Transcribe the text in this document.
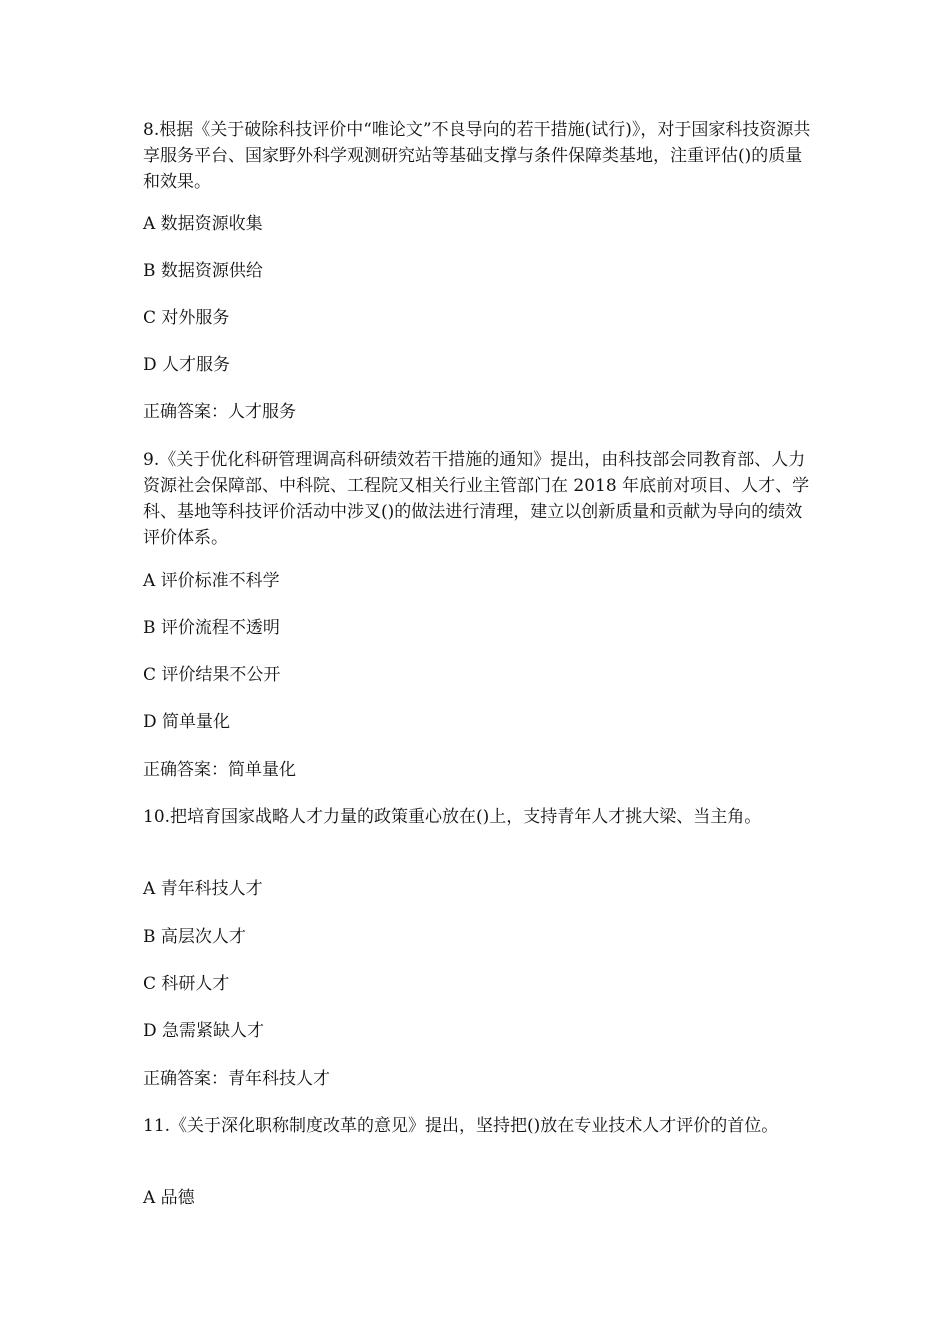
8.根据《关于破除科技评价中“唯论文”不良导向的若干措施(试行)》，对于国家科技资源共享服务平台、国家野外科学观测研究站等基础支撑与条件保障类基地，注重评估()的质量和效果。

A 数据资源收集

B 数据资源供给

C 对外服务

D 人才服务

正确答案：人才服务

9.《关于优化科研管理调高科研绩效若干措施的通知》提出，由科技部会同教育部、人力资源社会保障部、中科院、工程院又相关行业主管部门在 2018 年底前对项目、人才、学科、基地等科技评价活动中涉叉()的做法进行清理，建立以创新质量和贡献为导向的绩效评价体系。

A 评价标准不科学

B 评价流程不透明

C 评价结果不公开

D 简单量化

正确答案：简单量化

10.把培育国家战略人才力量的政策重心放在()上，支持青年人才挑大梁、当主角。

A 青年科技人才

B 高层次人才

C 科研人才

D 急需紧缺人才

正确答案：青年科技人才

11.《关于深化职称制度改革的意见》提出，坚持把()放在专业技术人才评价的首位。

A 品德
